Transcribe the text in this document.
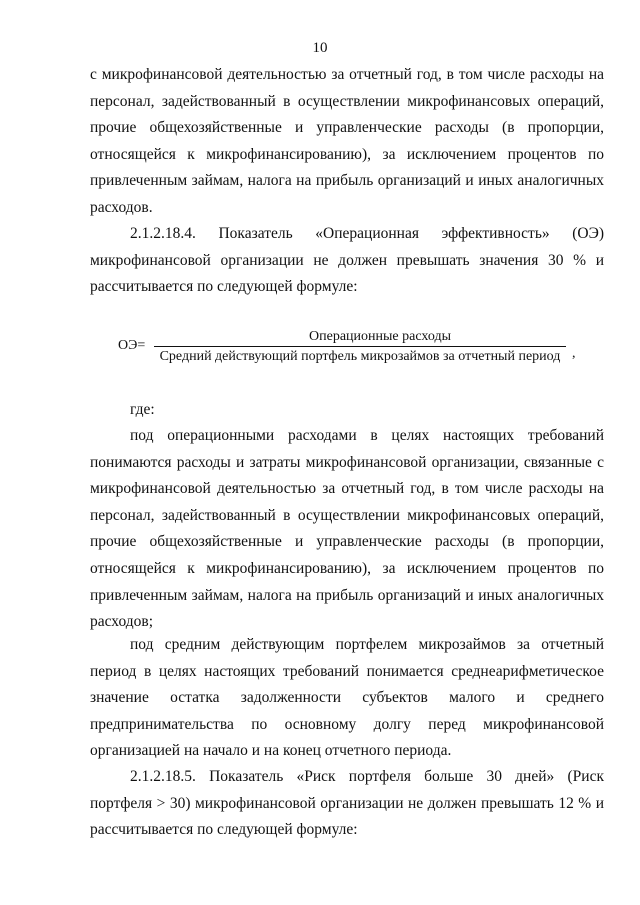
10

с микрофинансовой деятельностью за отчетный год, в том числе расходы на персонал, задействованный в осуществлении микрофинансовых операций, прочие общехозяйственные и управленческие расходы (в пропорции, относящейся к микрофинансированию), за исключением процентов по привлеченным займам, налога на прибыль организаций и иных аналогичных расходов.

2.1.2.18.4. Показатель «Операционная эффективность» (ОЭ) микрофинансовой организации не должен превышать значения 30 % и рассчитывается по следующей формуле:

ОЭ=
Операционные расходы
Средний действующий портфель микрозаймов за отчетный период ,

где:

под операционными расходами в целях настоящих требований понимаются расходы и затраты микрофинансовой организации, связанные с микрофинансовой деятельностью за отчетный год, в том числе расходы на персонал, задействованный в осуществлении микрофинансовых операций, прочие общехозяйственные и управленческие расходы (в пропорции, относящейся к микрофинансированию), за исключением процентов по привлеченным займам, налога на прибыль организаций и иных аналогичных расходов;

под средним действующим портфелем микрозаймов за отчетный период в целях настоящих требований понимается среднеарифметическое значение остатка задолженности субъектов малого и среднего предпринимательства по основному долгу перед микрофинансовой организацией на начало и на конец отчетного периода.

2.1.2.18.5. Показатель «Риск портфеля больше 30 дней» (Риск портфеля > 30) микрофинансовой организации не должен превышать 12 % и рассчитывается по следующей формуле:
